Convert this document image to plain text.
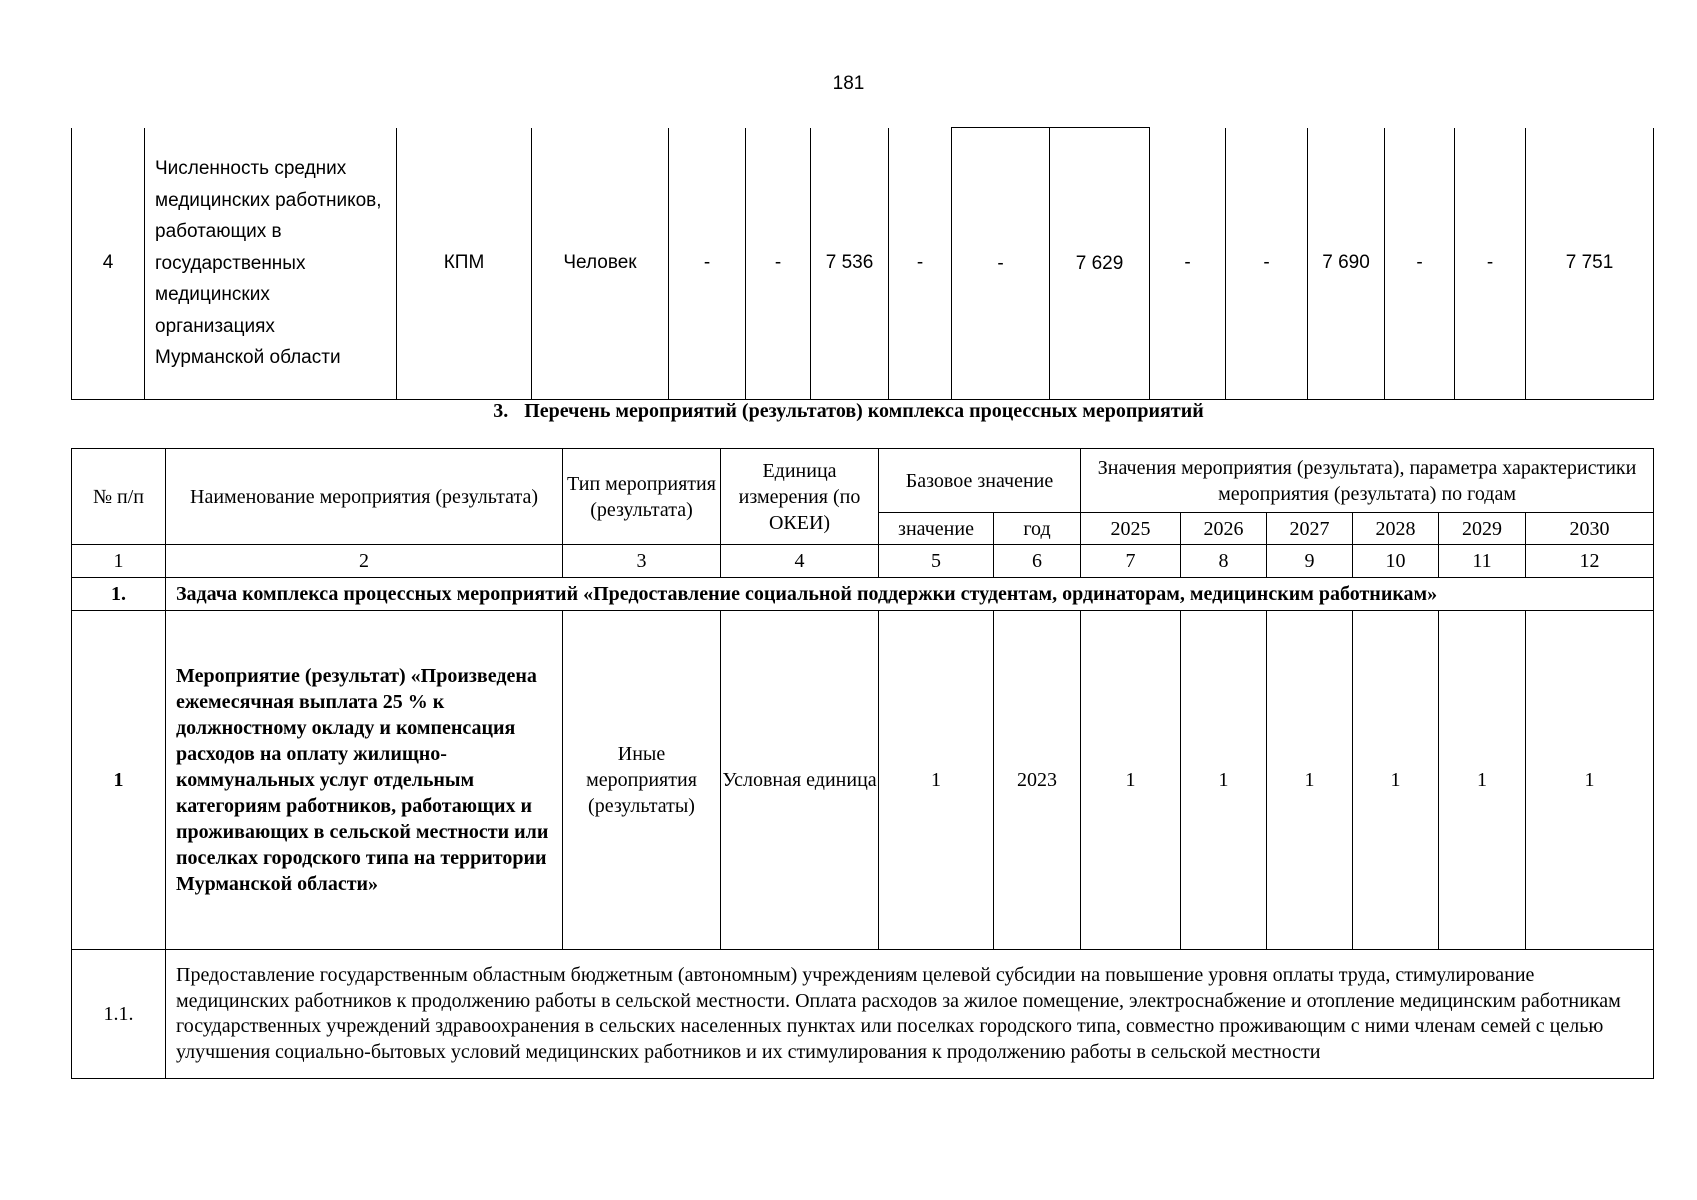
181
4	Численность средних медицинских работников, работающих в государственных медицинских организациях Мурманской области	КПМ	Человек	-	-	7 536	-	-	7 629	-	-	7 690	-	-	7 751
3. Перечень мероприятий (результатов) комплекса процессных мероприятий
№ п/п	Наименование мероприятия (результата)	Тип мероприятия (результата)	Единица измерения (по ОКЕИ)	Базовое значение		Значения мероприятия (результата), параметра характеристики мероприятия (результата) по годам					
				значение	год	2025	2026	2027	2028	2029	2030
1	2	3	4	5	6	7	8	9	10	11	12
1.	Задача комплекса процессных мероприятий «Предоставление социальной поддержки студентам, ординаторам, медицинским работникам»										
1	Мероприятие (результат) «Произведена ежемесячная выплата 25 % к должностному окладу и компенсация расходов на оплату жилищно-коммунальных услуг отдельным категориям работников, работающих и проживающих в сельской местности или поселках городского типа на территории Мурманской области»	Иные мероприятия (результаты)	Условная единица	1	2023	1	1	1	1	1	1
1.1.	Предоставление государственным областным бюджетным (автономным) учреждениям целевой субсидии на повышение уровня оплаты труда, стимулирование медицинских работников к продолжению работы в сельской местности. Оплата расходов за жилое помещение, электроснабжение и отопление медицинским работникам государственных учреждений здравоохранения в сельских населенных пунктах или поселках городского типа, совместно проживающим с ними членам семей с целью улучшения социально-бытовых условий медицинских работников и их стимулирования к продолжению работы в сельской местности										
